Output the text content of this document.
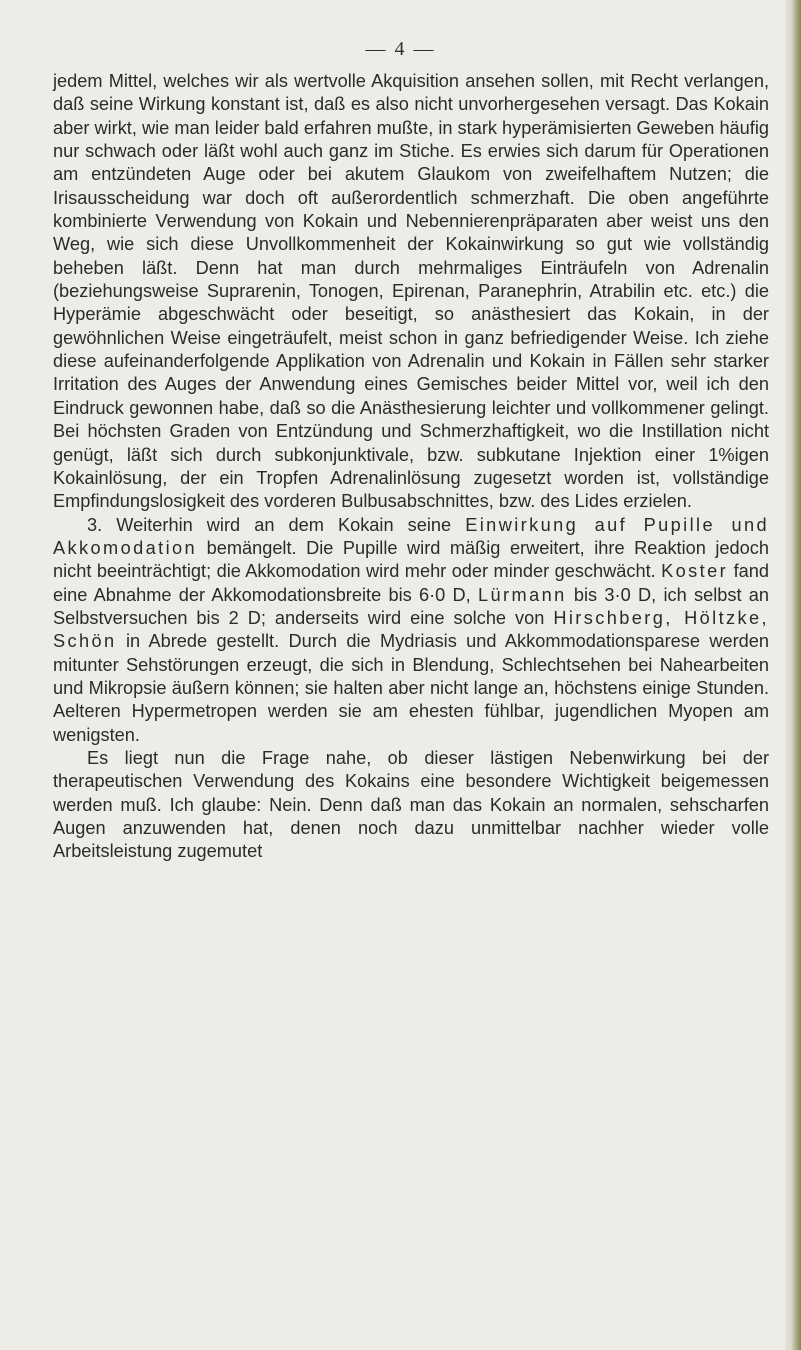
— 4 —

jedem Mittel, welches wir als wertvolle Akquisition ansehen sollen, mit Recht verlangen, daß seine Wirkung konstant ist, daß es also nicht unvorhergesehen versagt. Das Kokain aber wirkt, wie man leider bald erfahren mußte, in stark hyperämisierten Geweben häufig nur schwach oder läßt wohl auch ganz im Stiche. Es erwies sich darum für Operationen am entzündeten Auge oder bei akutem Glaukom von zweifelhaftem Nutzen; die Irisausscheidung war doch oft außerordentlich schmerzhaft. Die oben angeführte kombinierte Verwendung von Kokain und Nebennierenpräparaten aber weist uns den Weg, wie sich diese Unvollkommenheit der Kokainwirkung so gut wie vollständig beheben läßt. Denn hat man durch mehrmaliges Einträufeln von Adrenalin (beziehungsweise Suprarenin, Tonogen, Epirenan, Paranephrin, Atrabilin etc. etc.) die Hyperämie abgeschwächt oder beseitigt, so anästhesiert das Kokain, in der gewöhnlichen Weise eingeträufelt, meist schon in ganz befriedigender Weise. Ich ziehe diese aufeinanderfolgende Applikation von Adrenalin und Kokain in Fällen sehr starker Irritation des Auges der Anwendung eines Gemisches beider Mittel vor, weil ich den Eindruck gewonnen habe, daß so die Anästhesierung leichter und vollkommener gelingt. Bei höchsten Graden von Entzündung und Schmerzhaftigkeit, wo die Instillation nicht genügt, läßt sich durch subkonjunktivale, bzw. subkutane Injektion einer 1%igen Kokainlösung, der ein Tropfen Adrenalinlösung zugesetzt worden ist, vollständige Empfindungslosigkeit des vorderen Bulbusabschnittes, bzw. des Lides erzielen.

3. Weiterhin wird an dem Kokain seine Einwirkung auf Pupille und Akkomodation bemängelt. Die Pupille wird mäßig erweitert, ihre Reaktion jedoch nicht beeinträchtigt; die Akkomodation wird mehr oder minder geschwächt. Koster fand eine Abnahme der Akkomodationsbreite bis 6·0 D, Lürmann bis 3·0 D, ich selbst an Selbstversuchen bis 2 D; anderseits wird eine solche von Hirschberg, Höltzke, Schön in Abrede gestellt. Durch die Mydriasis und Akkommodationsparese werden mitunter Sehstörungen erzeugt, die sich in Blendung, Schlechtsehen bei Nahearbeiten und Mikropsie äußern können; sie halten aber nicht lange an, höchstens einige Stunden. Aelteren Hypermetropen werden sie am ehesten fühlbar, jugendlichen Myopen am wenigsten.

Es liegt nun die Frage nahe, ob dieser lästigen Nebenwirkung bei der therapeutischen Verwendung des Kokains eine besondere Wichtigkeit beigemessen werden muß. Ich glaube: Nein. Denn daß man das Kokain an normalen, sehscharfen Augen anzuwenden hat, denen noch dazu unmittelbar nachher wieder volle Arbeitsleistung zugemutet
